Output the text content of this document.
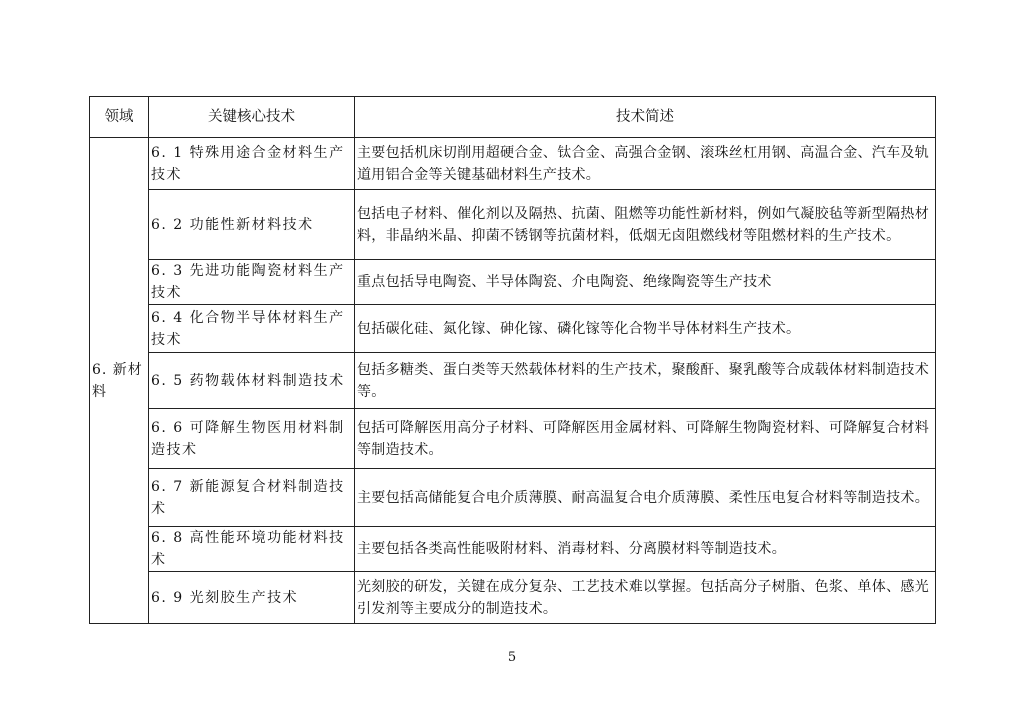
领域	关键核心技术	技术简述
6. 新材料	6. 1 特殊用途合金材料生产技术	主要包括机床切削用超硬合金、钛合金、高强合金钢、滚珠丝杠用钢、高温合金、汽车及轨道用铝合金等关键基础材料生产技术。
	6. 2 功能性新材料技术	包括电子材料、催化剂以及隔热、抗菌、阻燃等功能性新材料，例如气凝胶毡等新型隔热材料，非晶纳米晶、抑菌不锈钢等抗菌材料，低烟无卤阻燃线材等阻燃材料的生产技术。
	6. 3 先进功能陶瓷材料生产技术	重点包括导电陶瓷、半导体陶瓷、介电陶瓷、绝缘陶瓷等生产技术
	6. 4 化合物半导体材料生产技术	包括碳化硅、氮化镓、砷化镓、磷化镓等化合物半导体材料生产技术。
	6. 5 药物载体材料制造技术	包括多糖类、蛋白类等天然载体材料的生产技术，聚酸酐、聚乳酸等合成载体材料制造技术等。
	6. 6 可降解生物医用材料制造技术	包括可降解医用高分子材料、可降解医用金属材料、可降解生物陶瓷材料、可降解复合材料等制造技术。
	6. 7 新能源复合材料制造技术	主要包括高储能复合电介质薄膜、耐高温复合电介质薄膜、柔性压电复合材料等制造技术。
	6. 8 高性能环境功能材料技术	主要包括各类高性能吸附材料、消毒材料、分离膜材料等制造技术。
	6. 9 光刻胶生产技术	光刻胶的研发，关键在成分复杂、工艺技术难以掌握。包括高分子树脂、色浆、单体、感光引发剂等主要成分的制造技术。
5
